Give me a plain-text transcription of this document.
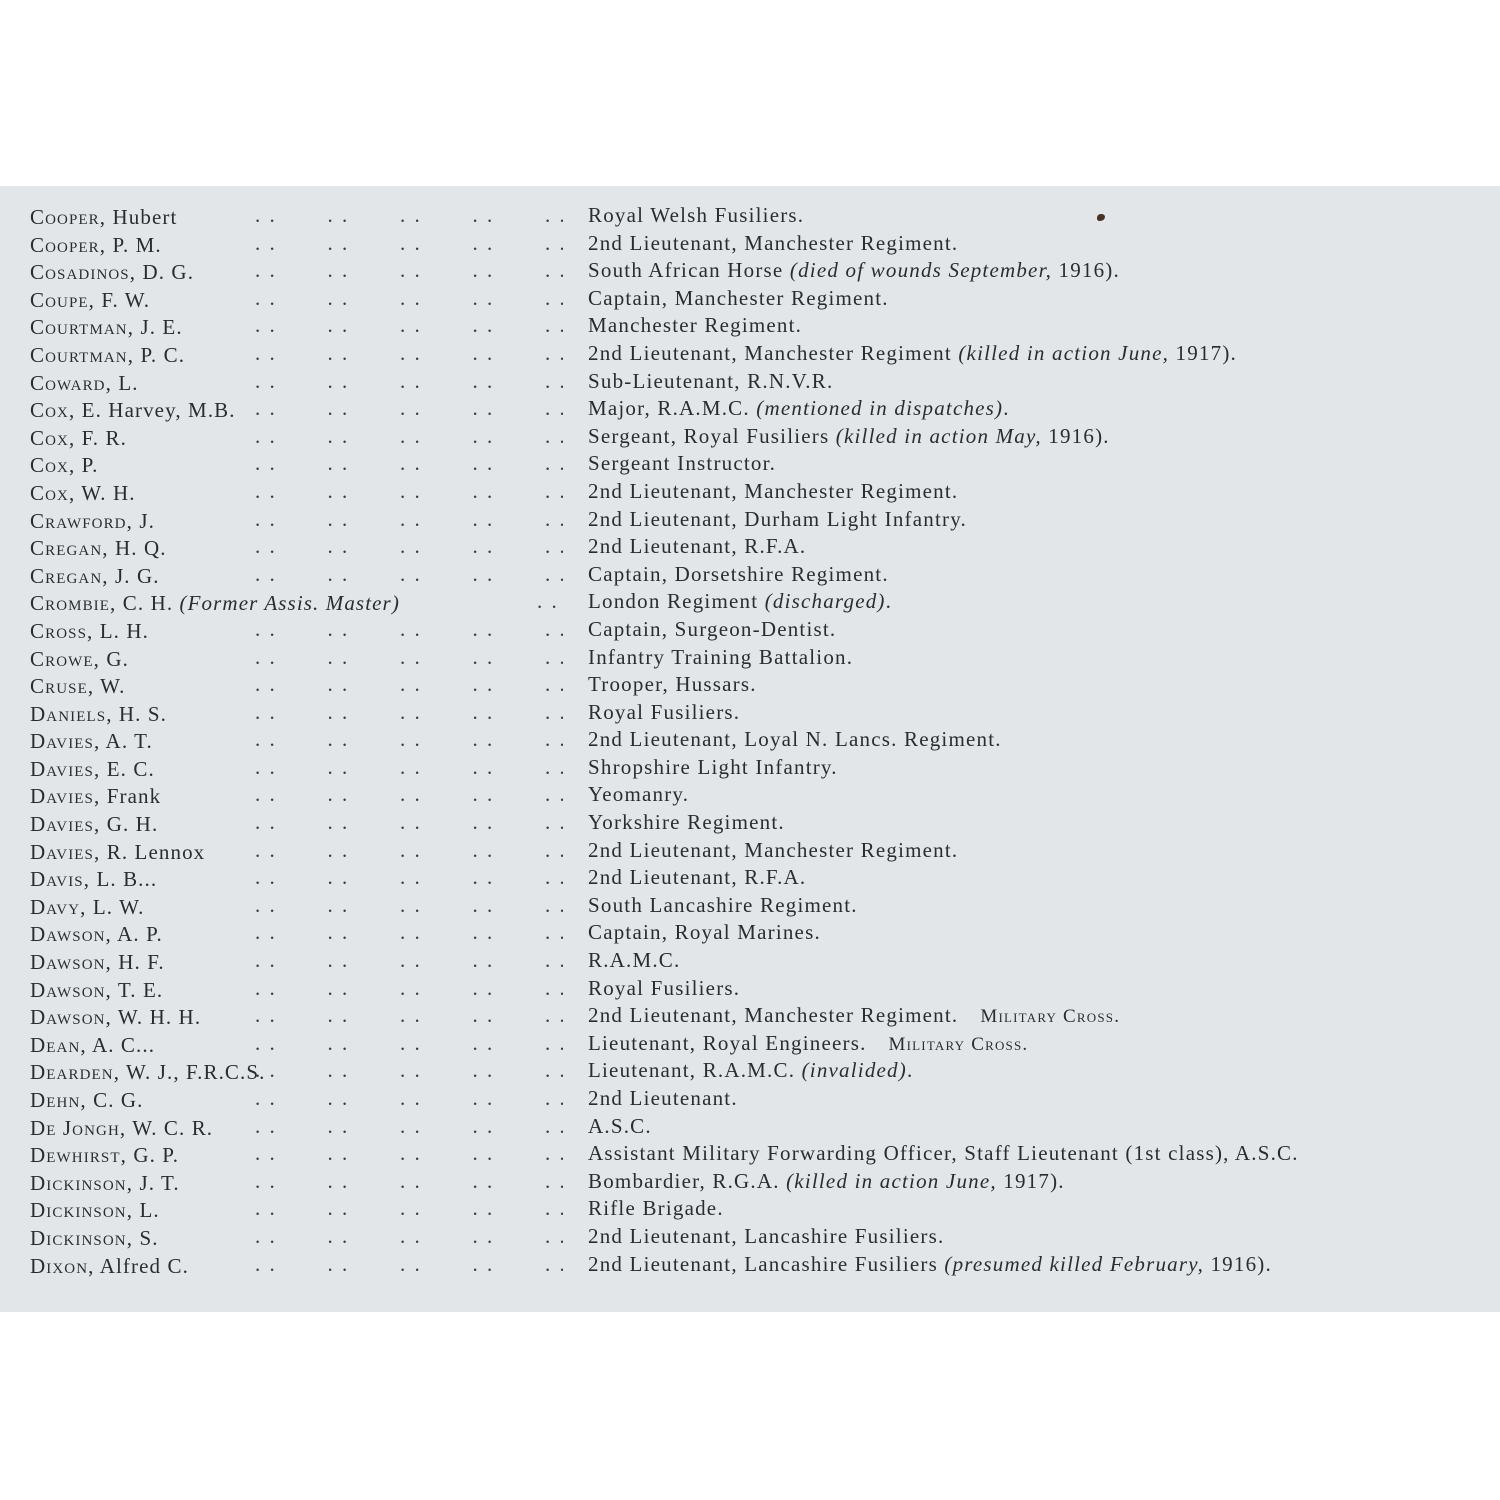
. .
Cooper, Hubert	Royal Welsh Fusiliers.
. .
Cooper, P. M.	2nd Lieutenant, Manchester Regiment.
. .
Cosadinos, D. G.	South African Horse (died of wounds September, 1916).
. .
Coupe, F. W.	Captain, Manchester Regiment.
. .
Courtman, J. E.	Manchester Regiment.
. .
Courtman, P. C.	2nd Lieutenant, Manchester Regiment (killed in action June, 1917).
. .
Coward, L.	Sub-Lieutenant, R.N.V.R.
. .
Cox, E. Harvey, M.B.	Major, R.A.M.C. (mentioned in dispatches).
. .
Cox, F. R.	Sergeant, Royal Fusiliers (killed in action May, 1916).
. .
Cox, P.	Sergeant Instructor.
. .
Cox, W. H.	2nd Lieutenant, Manchester Regiment.
. .
Crawford, J.	2nd Lieutenant, Durham Light Infantry.
. .
Cregan, H. Q.	2nd Lieutenant, R.F.A.
. .
Cregan, J. G.	Captain, Dorsetshire Regiment.
. .
Crombie, C. H. (Former Assis. Master)	London Regiment (discharged).
. .
Cross, L. H.	Captain, Surgeon-Dentist.
. .
Crowe, G.	Infantry Training Battalion.
. .
Cruse, W.	Trooper, Hussars.
. .
Daniels, H. S.	Royal Fusiliers.
. .
Davies, A. T.	2nd Lieutenant, Loyal N. Lancs. Regiment.
. .
Davies, E. C.	Shropshire Light Infantry.
. .
Davies, Frank	Yeomanry.
. .
Davies, G. H.	Yorkshire Regiment.
. .
Davies, R. Lennox	2nd Lieutenant, Manchester Regiment.
. .
Davis, L. B...	2nd Lieutenant, R.F.A.
. .
Davy, L. W.	South Lancashire Regiment.
. .
Dawson, A. P.	Captain, Royal Marines.
. .
Dawson, H. F.	R.A.M.C.
. .
Dawson, T. E.	Royal Fusiliers.
. .
Dawson, W. H. H.	2nd Lieutenant, Manchester Regiment. Military Cross.
. .
Dean, A. C...	Lieutenant, Royal Engineers. Military Cross.
. .
Dearden, W. J., F.R.C.S.	Lieutenant, R.A.M.C. (invalided).
. .
Dehn, C. G.	2nd Lieutenant.
. .
De Jongh, W. C. R.	A.S.C.
. .
Dewhirst, G. P.	Assistant Military Forwarding Officer, Staff Lieutenant (1st class), A.S.C.
. .
Dickinson, J. T.	Bombardier, R.G.A. (killed in action June, 1917).
. .
Dickinson, L.	Rifle Brigade.
. .
Dickinson, S.	2nd Lieutenant, Lancashire Fusiliers.
. .
Dixon, Alfred C.	2nd Lieutenant, Lancashire Fusiliers (presumed killed February, 1916).
